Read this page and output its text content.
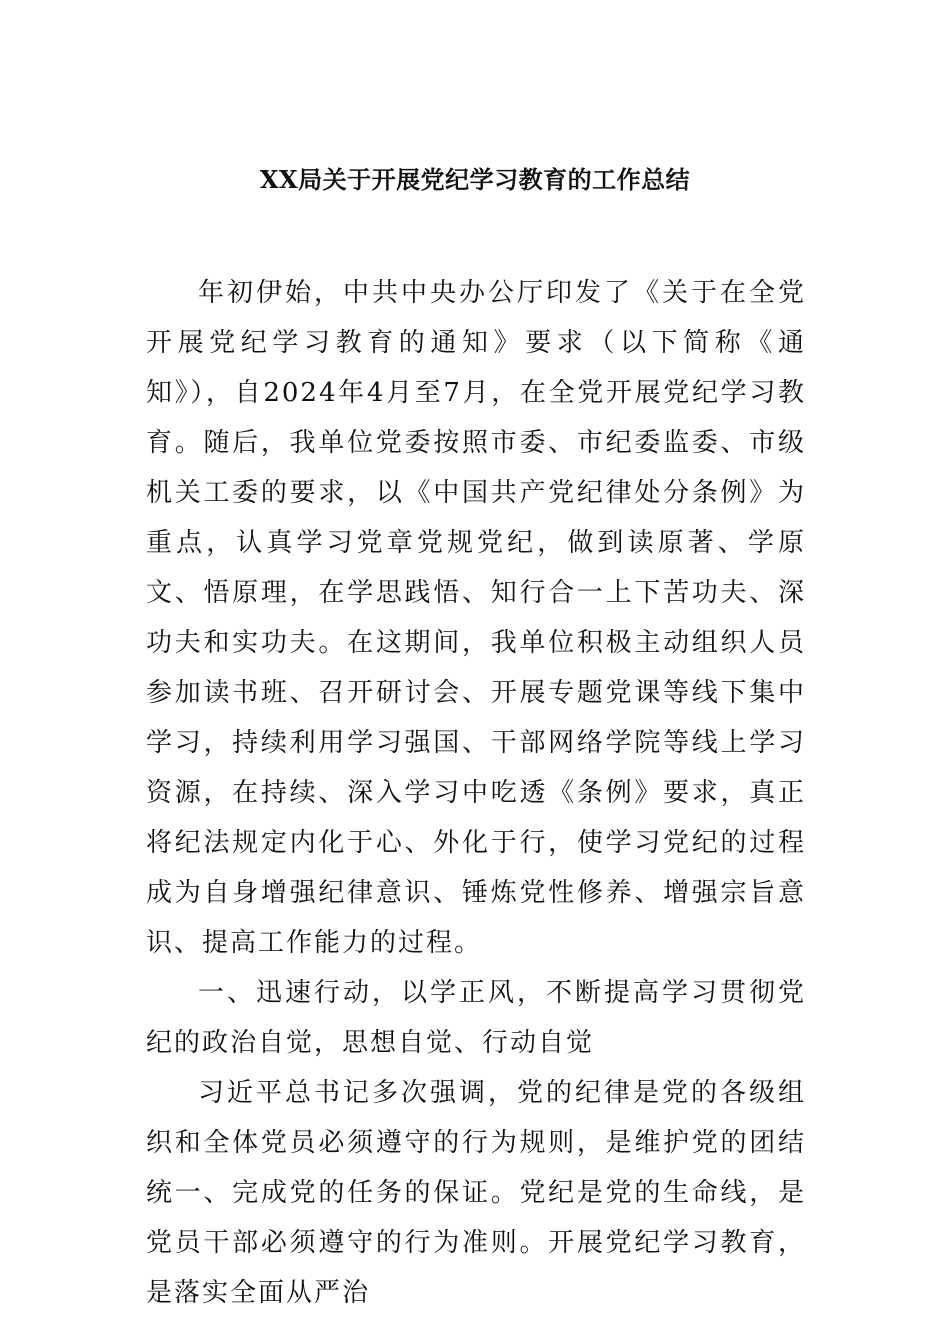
XX局关于开展党纪学习教育的工作总结

年初伊始，中共中央办公厅印发了《关于在全党开展党纪学习教育的通知》要求（以下简称《通知》），自2024年4月至7月，在全党开展党纪学习教育。随后，我单位党委按照市委、市纪委监委、市级机关工委的要求，以《中国共产党纪律处分条例》为重点，认真学习党章党规党纪，做到读原著、学原文、悟原理，在学思践悟、知行合一上下苦功夫、深功夫和实功夫。在这期间，我单位积极主动组织人员参加读书班、召开研讨会、开展专题党课等线下集中学习，持续利用学习强国、干部网络学院等线上学习资源，在持续、深入学习中吃透《条例》要求，真正将纪法规定内化于心、外化于行，使学习党纪的过程成为自身增强纪律意识、锤炼党性修养、增强宗旨意识、提高工作能力的过程。

一、迅速行动，以学正风，不断提高学习贯彻党纪的政治自觉，思想自觉、行动自觉

习近平总书记多次强调，党的纪律是党的各级组织和全体党员必须遵守的行为规则，是维护党的团结统一、完成党的任务的保证。党纪是党的生命线，是党员干部必须遵守的行为准则。开展党纪学习教育，是落实全面从严治
